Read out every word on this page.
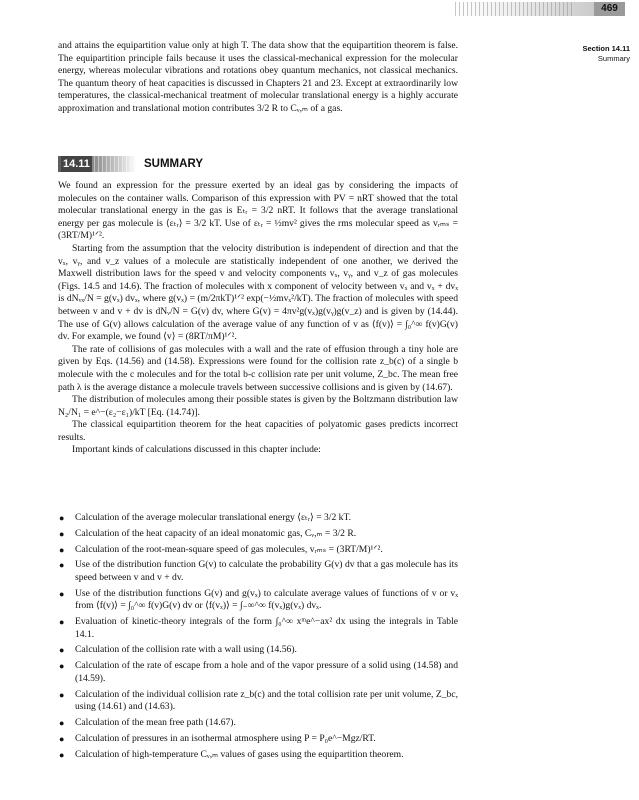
469
Section 14.11
Summary

and attains the equipartition value only at high T. The data show that the equipartition theorem is false. The equipartition principle fails because it uses the classical-mechanical expression for the molecular energy, whereas molecular vibrations and rotations obey quantum mechanics, not classical mechanics. The quantum theory of heat capacities is discussed in Chapters 21 and 23. Except at extraordinarily low temperatures, the classical-mechanical treatment of molecular translational energy is a highly accurate approximation and translational motion contributes 3/2 R to Cᵥ,ₘ of a gas.

14.11	SUMMARY

We found an expression for the pressure exerted by an ideal gas by considering the impacts of molecules on the container walls. Comparison of this expression with PV = nRT showed that the total molecular translational energy in the gas is Eₜᵣ = 3/2 nRT. It follows that the average translational energy per gas molecule is ⟨εₜᵣ⟩ = 3/2 kT. Use of εₜᵣ = ½mv² gives the rms molecular speed as vᵣₘₛ = (3RT/M)¹ᐟ².

Starting from the assumption that the velocity distribution is independent of direction and that the vₓ, vᵧ, and v_z values of a molecule are statistically independent of one another, we derived the Maxwell distribution laws for the speed v and velocity components vₓ, vᵧ, and v_z of gas molecules (Figs. 14.5 and 14.6). The fraction of molecules with x component of velocity between vₓ and vₓ + dvₓ is dNᵥₓ/N = g(vₓ) dvₓ, where g(vₓ) = (m/2πkT)¹ᐟ² exp(−½mvₓ²/kT). The fraction of molecules with speed between v and v + dv is dNᵥ/N = G(v) dv, where G(v) = 4πv²g(vₓ)g(vᵧ)g(v_z) and is given by (14.44). The use of G(v) allows calculation of the average value of any function of v as ⟨f(v)⟩ = ∫₀^∞ f(v)G(v) dv. For example, we found ⟨v⟩ = (8RT/πM)¹ᐟ².

The rate of collisions of gas molecules with a wall and the rate of effusion through a tiny hole are given by Eqs. (14.56) and (14.58). Expressions were found for the collision rate z_b(c) of a single b molecule with the c molecules and for the total b-c collision rate per unit volume, Z_bc. The mean free path λ is the average distance a molecule travels between successive collisions and is given by (14.67).

The distribution of molecules among their possible states is given by the Boltzmann distribution law N₂/N₁ = e^−(ε₂−ε₁)/kT [Eq. (14.74)].

The classical equipartition theorem for the heat capacities of polyatomic gases predicts incorrect results.

Important kinds of calculations discussed in this chapter include:

● Calculation of the average molecular translational energy ⟨εₜᵣ⟩ = 3/2 kT.
● Calculation of the heat capacity of an ideal monatomic gas, Cᵥ,ₘ = 3/2 R.
● Calculation of the root-mean-square speed of gas molecules, vᵣₘₛ = (3RT/M)¹ᐟ².
● Use of the distribution function G(v) to calculate the probability G(v) dv that a gas molecule has its speed between v and v + dv.
● Use of the distribution functions G(v) and g(vₓ) to calculate average values of functions of v or vₓ from ⟨f(v)⟩ = ∫₀^∞ f(v)G(v) dv or ⟨f(vₓ)⟩ = ∫₋∞^∞ f(vₓ)g(vₓ) dvₓ.
● Evaluation of kinetic-theory integrals of the form ∫₀^∞ xᵐe^−ax² dx using the integrals in Table 14.1.
● Calculation of the collision rate with a wall using (14.56).
● Calculation of the rate of escape from a hole and of the vapor pressure of a solid using (14.58) and (14.59).
● Calculation of the individual collision rate z_b(c) and the total collision rate per unit volume, Z_bc, using (14.61) and (14.63).
● Calculation of the mean free path (14.67).
● Calculation of pressures in an isothermal atmosphere using P = P₀e^−Mgz/RT.
● Calculation of high-temperature Cᵥ,ₘ values of gases using the equipartition theorem.
